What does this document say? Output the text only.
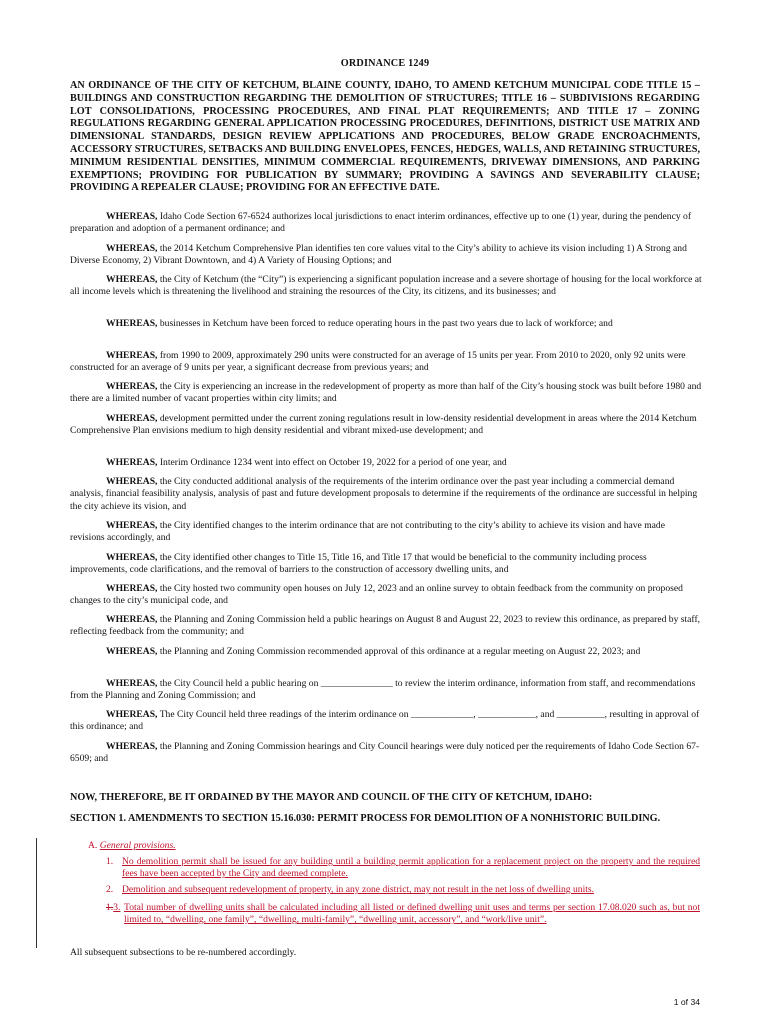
ORDINANCE 1249
AN ORDINANCE OF THE CITY OF KETCHUM, BLAINE COUNTY, IDAHO, TO AMEND KETCHUM MUNICIPAL CODE TITLE 15 – BUILDINGS AND CONSTRUCTION REGARDING THE DEMOLITION OF STRUCTURES; TITLE 16 – SUBDIVISIONS REGARDING LOT CONSOLIDATIONS, PROCESSING PROCEDURES, AND FINAL PLAT REQUIREMENTS; AND TITLE 17 – ZONING REGULATIONS REGARDING GENERAL APPLICATION PROCESSING PROCEDURES, DEFINITIONS, DISTRICT USE MATRIX AND DIMENSIONAL STANDARDS, DESIGN REVIEW APPLICATIONS AND PROCEDURES, BELOW GRADE ENCROACHMENTS, ACCESSORY STRUCTURES, SETBACKS AND BUILDING ENVELOPES, FENCES, HEDGES, WALLS, AND RETAINING STRUCTURES, MINIMUM RESIDENTIAL DENSITIES, MINIMUM COMMERCIAL REQUIREMENTS, DRIVEWAY DIMENSIONS, AND PARKING EXEMPTIONS; PROVIDING FOR PUBLICATION BY SUMMARY; PROVIDING A SAVINGS AND SEVERABILITY CLAUSE; PROVIDING A REPEALER CLAUSE; PROVIDING FOR AN EFFECTIVE DATE.
WHEREAS, Idaho Code Section 67-6524 authorizes local jurisdictions to enact interim ordinances, effective up to one (1) year, during the pendency of preparation and adoption of a permanent ordinance; and
WHEREAS, the 2014 Ketchum Comprehensive Plan identifies ten core values vital to the City’s ability to achieve its vision including 1) A Strong and Diverse Economy, 2) Vibrant Downtown, and 4) A Variety of Housing Options; and
WHEREAS, the City of Ketchum (the “City”) is experiencing a significant population increase and a severe shortage of housing for the local workforce at all income levels which is threatening the livelihood and straining the resources of the City, its citizens, and its businesses; and
WHEREAS, businesses in Ketchum have been forced to reduce operating hours in the past two years due to lack of workforce; and
WHEREAS, from 1990 to 2009, approximately 290 units were constructed for an average of 15 units per year. From 2010 to 2020, only 92 units were constructed for an average of 9 units per year, a significant decrease from previous years; and
WHEREAS, the City is experiencing an increase in the redevelopment of property as more than half of the City’s housing stock was built before 1980 and there are a limited number of vacant properties within city limits; and
WHEREAS, development permitted under the current zoning regulations result in low-density residential development in areas where the 2014 Ketchum Comprehensive Plan envisions medium to high density residential and vibrant mixed-use development; and
WHEREAS, Interim Ordinance 1234 went into effect on October 19, 2022 for a period of one year, and
WHEREAS, the City conducted additional analysis of the requirements of the interim ordinance over the past year including a commercial demand analysis, financial feasibility analysis, analysis of past and future development proposals to determine if the requirements of the ordinance are successful in helping the city achieve its vision, and
WHEREAS, the City identified changes to the interim ordinance that are not contributing to the city’s ability to achieve its vision and have made revisions accordingly, and
WHEREAS, the City identified other changes to Title 15, Title 16, and Title 17 that would be beneficial to the community including process improvements, code clarifications, and the removal of barriers to the construction of accessory dwelling units, and
WHEREAS, the City hosted two community open houses on July 12, 2023 and an online survey to obtain feedback from the community on proposed changes to the city’s municipal code, and
WHEREAS, the Planning and Zoning Commission held a public hearings on August 8 and August 22, 2023 to review this ordinance, as prepared by staff, reflecting feedback from the community; and
WHEREAS, the Planning and Zoning Commission recommended approval of this ordinance at a regular meeting on August 22, 2023; and
WHEREAS, the City Council held a public hearing on _______________ to review the interim ordinance, information from staff, and recommendations from the Planning and Zoning Commission; and
WHEREAS, The City Council held three readings of the interim ordinance on _____________, ____________, and __________, resulting in approval of this ordinance; and
WHEREAS, the Planning and Zoning Commission hearings and City Council hearings were duly noticed per the requirements of Idaho Code Section 67-6509; and
NOW, THEREFORE, BE IT ORDAINED BY THE MAYOR AND COUNCIL OF THE CITY OF KETCHUM, IDAHO:
SECTION 1. AMENDMENTS TO SECTION 15.16.030: PERMIT PROCESS FOR DEMOLITION OF A NONHISTORIC BUILDING.
A. General provisions.
1. No demolition permit shall be issued for any building until a building permit application for a replacement project on the property and the required fees have been accepted by the City and deemed complete.
2. Demolition and subsequent redevelopment of property, in any zone district, may not result in the net loss of dwelling units.
1.3. Total number of dwelling units shall be calculated including all listed or defined dwelling unit uses and terms per section 17.08.020 such as, but not limited to, “dwelling, one family”, “dwelling, multi-family”, “dwelling unit, accessory”, and “work/live unit”.
All subsequent subsections to be re-numbered accordingly.
1 of 34
